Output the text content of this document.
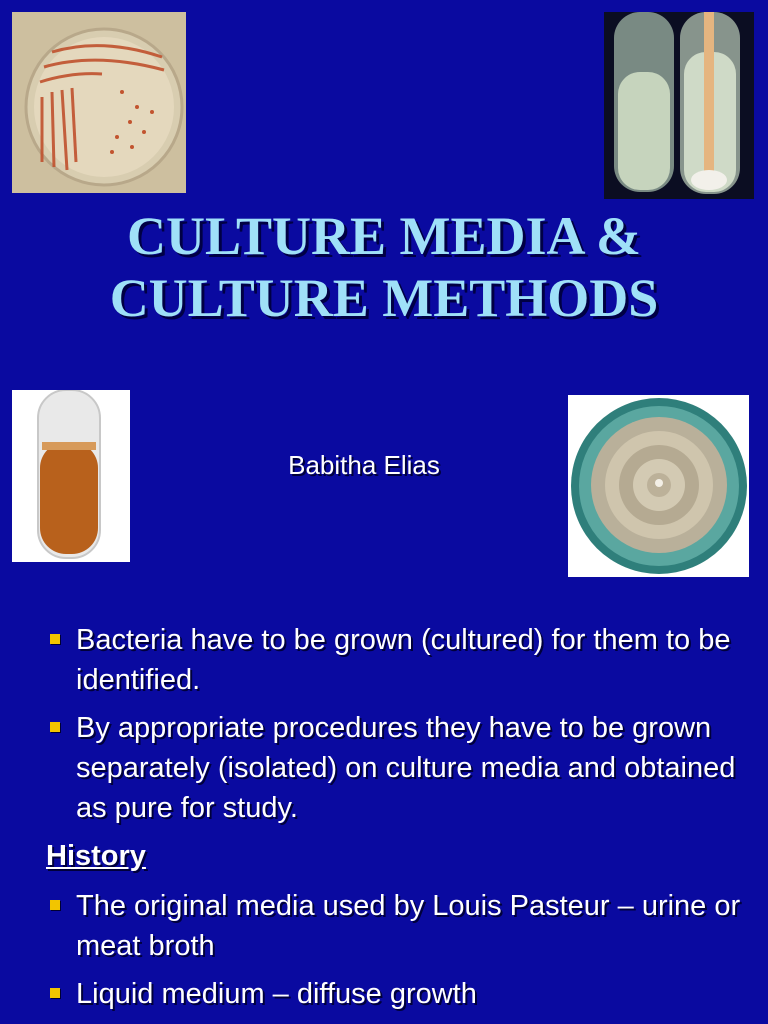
CULTURE MEDIA &
CULTURE METHODS
Babitha Elias
Bacteria have to be grown (cultured) for them to be identified.
By appropriate procedures they have to be grown separately (isolated) on culture media and obtained as pure for study.
History
The original media used by Louis Pasteur – urine or meat broth
Liquid medium – diffuse growth
